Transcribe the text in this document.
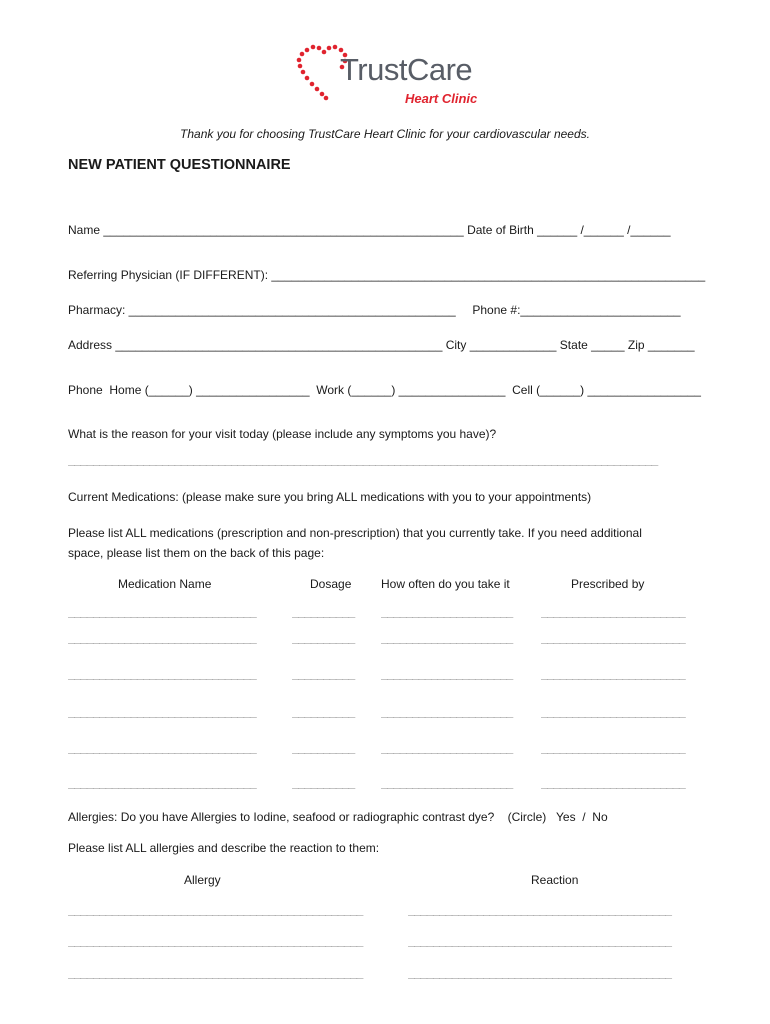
TrustCare
Heart Clinic
Thank you for choosing TrustCare Heart Clinic for your cardiovascular needs.
NEW PATIENT QUESTIONNAIRE
Name ______________________________________________________ Date of Birth ______ /______ /______
Referring Physician (IF DIFFERENT): _________________________________________________________________
Pharmacy: _________________________________________________     Phone #:________________________
Address _________________________________________________ City _____________ State _____ Zip _______
Phone  Home (______) _________________  Work (______) ________________  Cell (______) _________________
What is the reason for your visit today (please include any symptoms you have)?
______________________________________________________________________________________________
Current Medications: (please make sure you bring ALL medications with you to your appointments)
Please list ALL medications (prescription and non-prescription) that you currently take. If you need additional
space, please list them on the back of this page:
Medication Name	Dosage How often do you take it	Prescribed by
______________________________	__________	_____________________	_______________________
______________________________	__________	_____________________	_______________________
______________________________	__________	_____________________	_______________________
______________________________	__________	_____________________	_______________________
______________________________	__________	_____________________	_______________________
______________________________	__________	_____________________	_______________________
Allergies: Do you have Allergies to Iodine, seafood or radiographic contrast dye?    (Circle)   Yes  /  No
Please list ALL allergies and describe the reaction to them:
Allergy	Reaction
_______________________________________________	__________________________________________
_______________________________________________	__________________________________________
_______________________________________________	__________________________________________
